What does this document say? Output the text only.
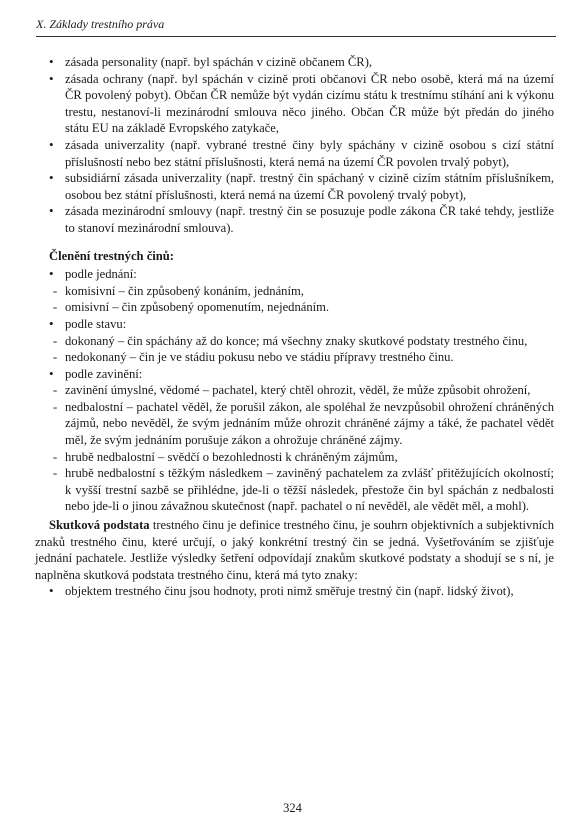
X. Základy trestního práva
• zásada personality (např. byl spáchán v cizině občanem ČR),
• zásada ochrany (např. byl spáchán v cizině proti občanovi ČR nebo osobě, která má na území ČR povolený pobyt). Občan ČR nemůže být vydán cizímu státu k trestnímu stíhání ani k výkonu trestu, nestanoví-li mezinárodní smlouva něco jiného. Občan ČR může být předán do jiného státu EU na základě Evropského zatykače,
• zásada univerzality (např. vybrané trestné činy byly spáchány v cizině osobou s cizí státní příslušností nebo bez státní příslušnosti, která nemá na území ČR povolen trvalý pobyt),
• subsidiární zásada univerzality (např. trestný čin spáchaný v cizině cizím státním příslušníkem, osobou bez státní příslušnosti, která nemá na území ČR povolený trvalý pobyt),
• zásada mezinárodní smlouvy (např. trestný čin se posuzuje podle zákona ČR také tehdy, jestliže to stanoví mezinárodní smlouva).
Členění trestných činů:
• podle jednání:
- komisivní – čin způsobený konáním, jednáním,
- omisivní – čin způsobený opomenutím, nejednáním.
• podle stavu:
- dokonaný – čin spáchány až do konce; má všechny znaky skutkové podstaty trestného činu,
- nedokonaný – čin je ve stádiu pokusu nebo ve stádiu přípravy trestného činu.
• podle zavinění:
- zavinění úmyslné, vědomé – pachatel, který chtěl ohrozit, věděl, že může způsobit ohrožení,
- nedbalostní – pachatel věděl, že porušil zákon, ale spoléhal že nevzpůsobil ohrožení chráněných zájmů, nebo nevěděl, že svým jednáním může ohrozit chráněné zájmy a táké, že pachatel vědět měl, že svým jednáním porušuje zákon a ohrožuje chráněné zájmy.
- hrubě nedbalostní – svědčí o bezohlednosti k chráněným zájmům,
- hrubě nedbalostní s těžkým následkem – zaviněný pachatelem za zvlášť přitěžujících okolností; k vyšší trestní sazbě se přihlédne, jde-li o těžší následek, přestože čin byl spáchán z nedbalosti nebo jde-li o jinou závažnou skutečnost (např. pachatel o ní nevěděl, ale vědět měl, a mohl).
Skutková podstata trestného činu je definice trestného činu, je souhrn objektivních a subjektivních znaků trestného činu, které určují, o jaký konkrétní trestný čin se jedná. Vyšetřováním se zjišťuje jednání pachatele. Jestliže výsledky šetření odpovídají znakům skutkové podstaty a shodují se s ní, je naplněna skutková podstata trestného činu, která má tyto znaky:
• objektem trestného činu jsou hodnoty, proti nimž směřuje trestný čin (např. lidský život),
324
